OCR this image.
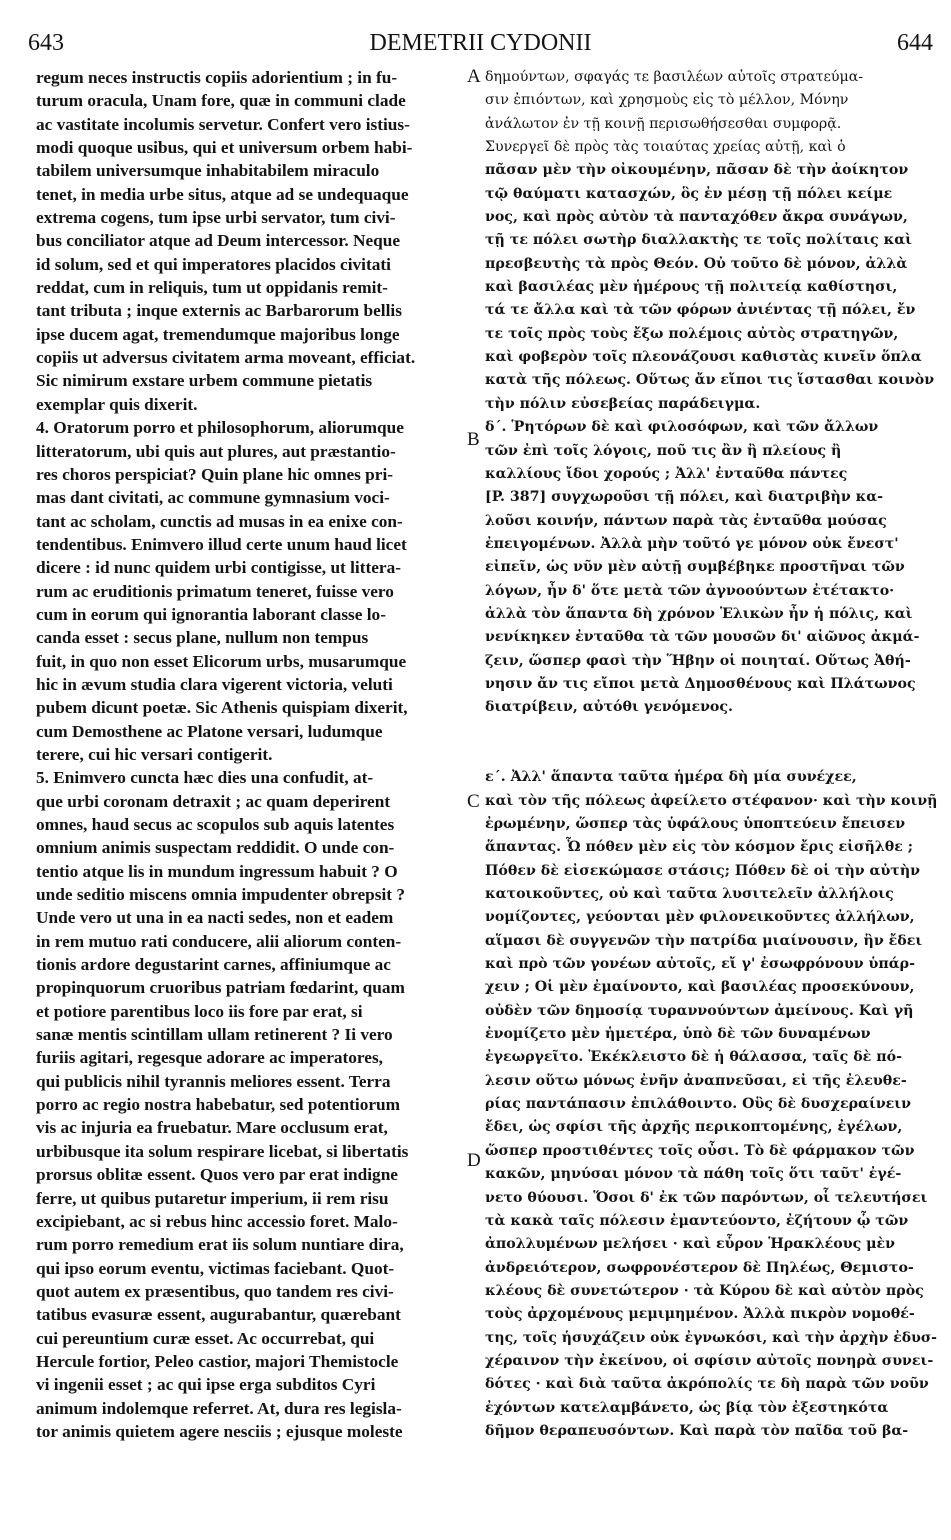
643	DEMETRII CYDONII	644
regum neces instructis copiis adorientium ; in fu-
turum oracula, Unam fore, quæ in communi clade
ac vastitate incolumis servetur. Confert vero istius-
modi quoque usibus, qui et universum orbem habi-
tabilem universumque inhabitabilem miraculo
tenet, in media urbe situs, atque ad se undequaque
extrema cogens, tum ipse urbi servator, tum civi-
bus conciliator atque ad Deum intercessor. Neque
id solum, sed et qui imperatores placidos civitati
reddat, cum in reliquis, tum ut oppidanis remit-
tant tributa ; inque externis ac Barbarorum bellis
ipse ducem agat, tremendumque majoribus longe
copiis ut adversus civitatem arma moveant, efficiat.
Sic nimirum exstare urbem commune pietatis
exemplar quis dixerit.
4. Oratorum porro et philosophorum, aliorumque
litteratorum, ubi quis aut plures, aut præstantio-
res choros perspiciat? Quin plane hic omnes pri-
mas dant civitati, ac commune gymnasium voci-
tant ac scholam, cunctis ad musas in ea enixe con-
tendentibus. Enimvero illud certe unum haud licet
dicere : id nunc quidem urbi contigisse, ut littera-
rum ac eruditionis primatum teneret, fuisse vero
cum in eorum qui ignorantia laborant classe lo-
canda esset : secus plane, nullum non tempus
fuit, in quo non esset Elicorum urbs, musarumque
hic in ævum studia clara vigerent victoria, veluti
pubem dicunt poetæ. Sic Athenis quispiam dixerit,
cum Demosthene ac Platone versari, ludumque
terere, cui hic versari contigerit.
5. Enimvero cuncta hæc dies una confudit, at-
que urbi coronam detraxit ; ac quam deperirent
omnes, haud secus ac scopulos sub aquis latentes
omnium animis suspectam reddidit. O unde con-
tentio atque lis in mundum ingressum habuit ? O
unde seditio miscens omnia impudenter obrepsit ?
Unde vero ut una in ea nacti sedes, non et eadem
in rem mutuo rati conducere, alii aliorum conten-
tionis ardore degustarint carnes, affiniumque ac
propinquorum cruoribus patriam fœdarint, quam
et potiore parentibus loco iis fore par erat, si
sanæ mentis scintillam ullam retinerent ? Ii vero
furiis agitari, regesque adorare ac imperatores,
qui publicis nihil tyrannis meliores essent. Terra
porro ac regio nostra habebatur, sed potentiorum
vis ac injuria ea fruebatur. Mare occlusum erat,
urbibusque ita solum respirare licebat, si libertatis
prorsus oblitæ essent. Quos vero par erat indigne
ferre, ut quibus putaretur imperium, ii rem risu
excipiebant, ac si rebus hinc accessio foret. Malo-
rum porro remedium erat iis solum nuntiare dira,
qui ipso eorum eventu, victimas faciebant. Quot-
quot autem ex præsentibus, quo tandem res civi-
tatibus evasuræ essent, augurabantur, quærebant
cui pereuntium curæ esset. Ac occurrebat, qui
Hercule fortior, Peleo castior, majori Themistocle
vi ingenii esset ; ac qui ipse erga subditos Cyri
animum indolemque referret. At, dura res legisla-
tor animis quietem agere nesciis ; ejusque moleste
δημούντων, σφαγάς τε βασιλέων αὐτοῖς στρατεύμα-
σιν ἐπιόντων, καὶ χρησμοὺς εἰς τὸ μέλλον, Μόνην
ἀνάλωτον ἐν τῇ κοινῇ περισωθήσεσθαι συμφορᾷ.
Συνεργεῖ δὲ πρὸς τὰς τοιαύτας χρείας αὐτῇ, καὶ ὁ
πᾶσαν μὲν τὴν οἰκουμένην, πᾶσαν δὲ τὴν ἀοίκητον
τῷ θαύματι κατασχών, ὃς ἐν μέσῃ τῇ πόλει κείμε
νος, καὶ πρὸς αὐτὸν τὰ πανταχόθεν ἄκρα συνάγων,
τῇ τε πόλει σωτὴρ διαλλακτὴς τε τοῖς πολίταις καὶ
πρεσβευτὴς τὰ πρὸς Θεόν. Οὐ τοῦτο δὲ μόνον, ἀλλὰ
καὶ βασιλέας μὲν ἡμέρους τῇ πολιτείᾳ καθίστησι,
τά τε ἄλλα καὶ τὰ τῶν φόρων ἀνιέντας τῇ πόλει, ἔν
τε τοῖς πρὸς τοὺς ἔξω πολέμοις αὐτὸς στρατηγῶν,
καὶ φοβερὸν τοῖς πλεονάζουσι καθιστὰς κινεῖν ὅπλα
κατὰ τῆς πόλεως. Οὕτως ἄν εἴποι τις ἵστασθαι κοινὸν
τὴν πόλιν εὐσεβείας παράδειγμα.
δ΄. Ῥητόρων δὲ καὶ φιλοσόφων, καὶ τῶν ἄλλων
τῶν ἐπὶ τοῖς λόγοις, ποῦ τις ἂν ἢ πλείους ἢ
καλλίους ἴδοι χορούς ; Ἀλλ' ἐνταῦθα πάντες
[P. 387] συγχωροῦσι τῇ πόλει, καὶ διατριβὴν κα-
λοῦσι κοινήν, πάντων παρὰ τὰς ἐνταῦθα μούσας
ἐπειγομένων. Ἀλλὰ μὴν τοῦτό γε μόνον οὐκ ἔνεστ'
εἰπεῖν, ὡς νῦν μὲν αὐτῇ συμβέβηκε προστῆναι τῶν
λόγων, ἦν δ' ὅτε μετὰ τῶν ἀγνοούντων ἐτέτακτο·
ἀλλὰ τὸν ἅπαντα δὴ χρόνον Ἑλικὼν ἦν ἡ πόλις, καὶ
νενίκηκεν ἐνταῦθα τὰ τῶν μουσῶν δι' αἰῶνος ἀκμά-
ζειν, ὥσπερ φασὶ τὴν Ἥβην οἱ ποιηταί. Οὕτως Ἀθή-
νησιν ἄν τις εἴποι μετὰ Δημοσθένους καὶ Πλάτωνος
διατρίβειν, αὐτόθι γενόμενος.
ε΄. Ἀλλ' ἅπαντα ταῦτα ἡμέρα δὴ μία συνέχεε,
καὶ τὸν τῆς πόλεως ἀφείλετο στέφανον· καὶ τὴν κοινῇ
ἐρωμένην, ὥσπερ τὰς ὑφάλους ὑποπτεύειν ἔπεισεν
ἅπαντας. Ὦ πόθεν μὲν εἰς τὸν κόσμον ἔρις εἰσῆλθε ;
Πόθεν δὲ εἰσεκώμασε στάσις; Πόθεν δὲ οἱ τὴν αὐτὴν
κατοικοῦντες, οὐ καὶ ταῦτα λυσιτελεῖν ἀλλήλοις
νομίζοντες, γεύονται μὲν φιλονεικοῦντες ἀλλήλων,
αἵμασι δὲ συγγενῶν τὴν πατρίδα μιαίνουσιν, ἣν ἔδει
καὶ πρὸ τῶν γονέων αὐτοῖς, εἴ γ' ἐσωφρόνουν ὑπάρ-
χειν ; Οἱ μὲν ἐμαίνοντο, καὶ βασιλέας προσεκύνουν,
οὐδὲν τῶν δημοσίᾳ τυραννούντων ἀμείνους. Καὶ γῆ
ἐνομίζετο μὲν ἡμετέρα, ὑπὸ δὲ τῶν δυναμένων
ἐγεωργεῖτο. Ἐκέκλειστο δὲ ἡ θάλασσα, ταῖς δὲ πό-
λεσιν οὕτω μόνως ἐνῆν ἀναπνεῦσαι, εἰ τῆς ἐλευθε-
ρίας παντάπασιν ἐπιλάθοιντο. Οὓς δὲ δυσχεραίνειν
ἔδει, ὡς σφίσι τῆς ἀρχῆς περικοπτομένης, ἐγέλων,
ὥσπερ προστιθέντες τοῖς οὖσι. Τὸ δὲ φάρμακον τῶν
κακῶν, μηνύσαι μόνον τὰ πάθη τοῖς ὅτι ταῦτ' ἐγέ-
νετο θύουσι. Ὅσοι δ' ἐκ τῶν παρόντων, οἷ τελευτήσει
τὰ κακὰ ταῖς πόλεσιν ἐμαντεύοντο, ἐζήτουν ᾧ τῶν
ἀπολλυμένων μελήσει · καὶ εὗρον Ἡρακλέους μὲν
ἀνδρειότερον, σωφρονέστερον δὲ Πηλέως, Θεμιστο-
κλέους δὲ συνετώτερον · τὰ Κύρου δὲ καὶ αὐτὸν πρὸς
τοὺς ἀρχομένους μεμιμημένον. Ἀλλὰ πικρὸν νομοθέ-
της, τοῖς ἡσυχάζειν οὐκ ἐγνωκόσι, καὶ τὴν ἀρχὴν ἐδυσ-
χέραινον τὴν ἐκείνου, οἱ σφίσιν αὐτοῖς πονηρὰ συνει-
δότες · καὶ διὰ ταῦτα ἀκρόπολίς τε δὴ παρὰ τῶν νοῦν
ἐχόντων κατελαμβάνετο, ὡς βίᾳ τὸν ἐξεστηκότα
δῆμον θεραπευσόντων. Καὶ παρὰ τὸν παῖδα τοῦ βα-
A
B
C
D
